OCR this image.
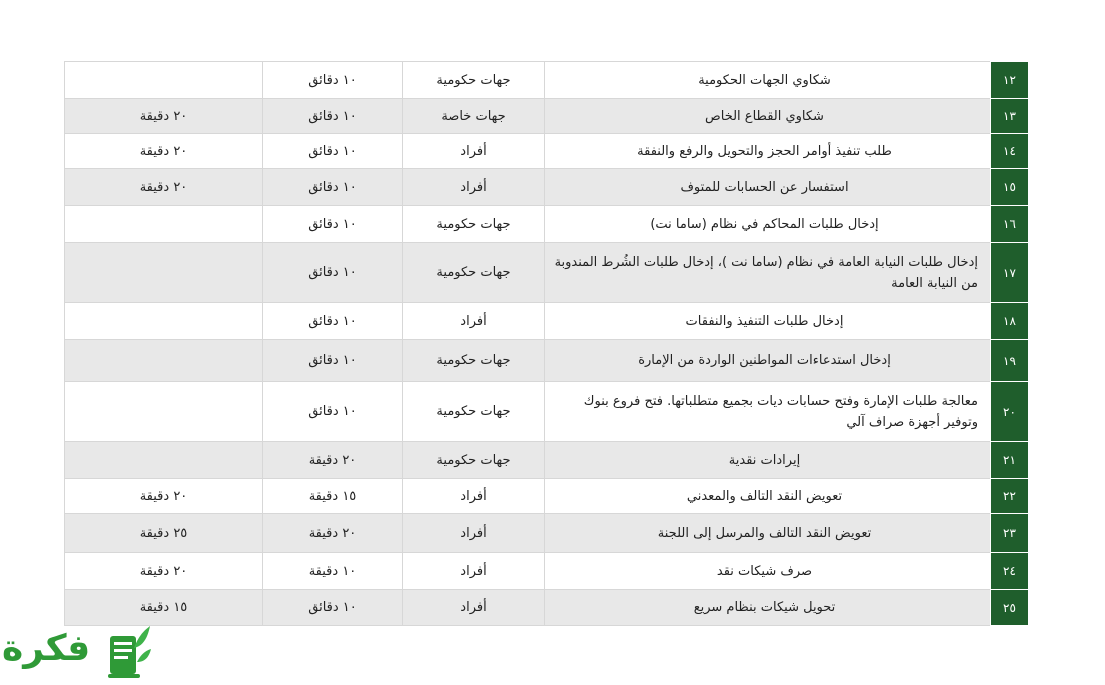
١٢	شكاوي الجهات الحكومية	جهات حكومية	١٠ دقائق	
١٣	شكاوي القطاع الخاص	جهات خاصة	١٠ دقائق	٢٠ دقيقة
١٤	طلب تنفيذ أوامر الحجز والتحويل والرفع والنفقة	أفراد	١٠ دقائق	٢٠ دقيقة
١٥	استفسار عن الحسابات للمتوف	أفراد	١٠ دقائق	٢٠ دقيقة
١٦	إدخال طلبات المحاكم في نظام (ساما نت)	جهات حكومية	١٠ دقائق	
١٧	إدخال طلبات النيابة العامة في نظام (ساما نت )، إدخال طلبات الشُرط المندوبة من النيابة العامة	جهات حكومية	١٠ دقائق	
١٨	إدخال طلبات التنفيذ والنفقات	أفراد	١٠ دقائق	
١٩	إدخال استدعاءات المواطنين الواردة من الإمارة	جهات حكومية	١٠ دقائق	
٢٠	معالجة طلبات الإمارة وفتح حسابات ديات بجميع متطلباتها. فتح فروع بنوك وتوفير أجهزة صراف آلي	جهات حكومية	١٠ دقائق	
٢١	إيرادات نقدية	جهات حكومية	٢٠ دقيقة	
٢٢	تعويض النقد التالف والمعدني	أفراد	١٥ دقيقة	٢٠ دقيقة
٢٣	تعويض النقد التالف والمرسل إلى اللجنة	أفراد	٢٠ دقيقة	٢٥ دقيقة
٢٤	صرف شيكات نقد	أفراد	١٠ دقيقة	٢٠ دقيقة
٢٥	تحويل شيكات بنظام سريع	أفراد	١٠ دقائق	١٥ دقيقة
فكرة
